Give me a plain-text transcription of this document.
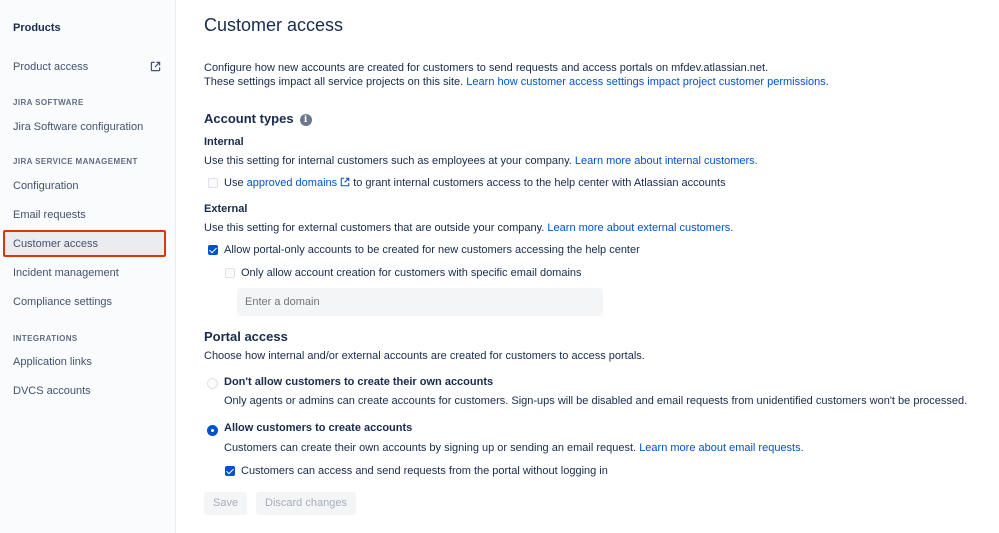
Products
Product access
JIRA SOFTWARE
Jira Software configuration
JIRA SERVICE MANAGEMENT
Configuration
Email requests
Customer access
Incident management
Compliance settings
INTEGRATIONS
Application links
DVCS accounts
Customer access
Configure how new accounts are created for customers to send requests and access portals on mfdev.atlassian.net.
These settings impact all service projects on this site. Learn how customer access settings impact project customer permissions.
Account types i
Internal
Use this setting for internal customers such as employees at your company. Learn more about internal customers.
Use approved domains to grant internal customers access to the help center with Atlassian accounts
External
Use this setting for external customers that are outside your company. Learn more about external customers.
Allow portal-only accounts to be created for new customers accessing the help center
Only allow account creation for customers with specific email domains
Enter a domain
Portal access
Choose how internal and/or external accounts are created for customers to access portals.
Don't allow customers to create their own accounts
Only agents or admins can create accounts for customers. Sign-ups will be disabled and email requests from unidentified customers won't be processed.
Allow customers to create accounts
Customers can create their own accounts by signing up or sending an email request. Learn more about email requests.
Customers can access and send requests from the portal without logging in
Save	Discard changes
